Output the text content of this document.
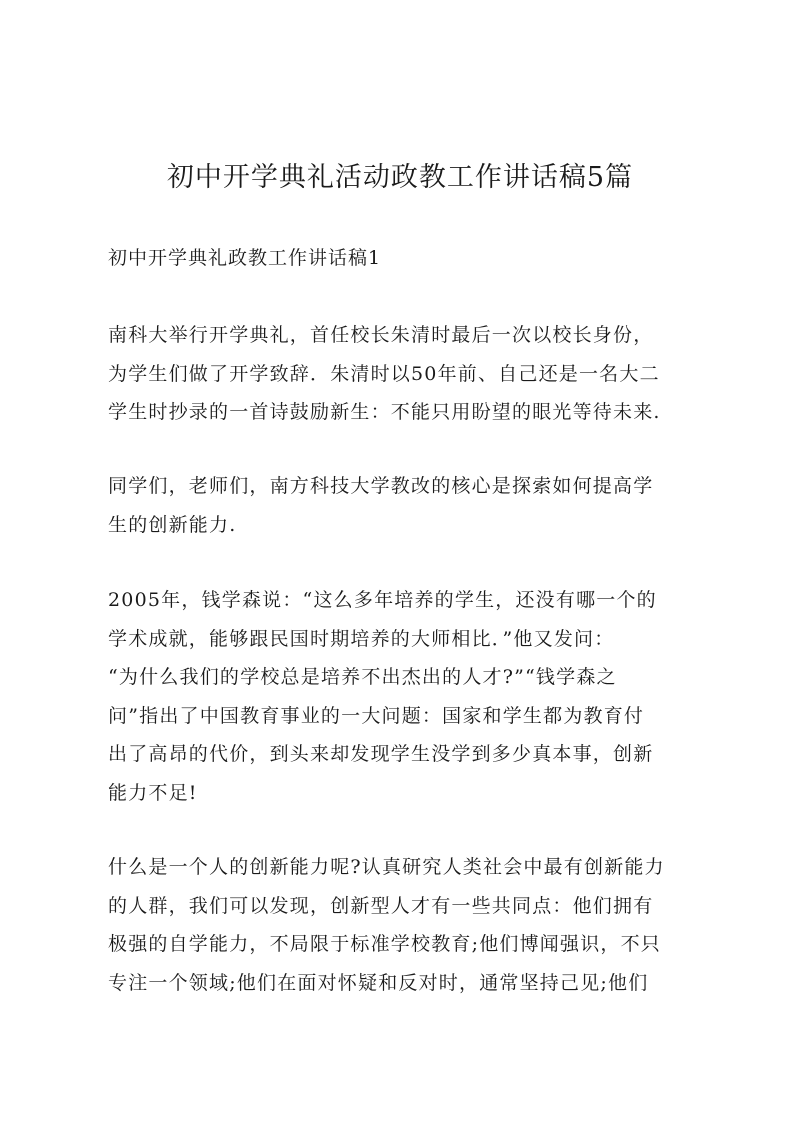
初中开学典礼活动政教工作讲话稿5篇

初中开学典礼政教工作讲话稿1

南科大举行开学典礼，首任校长朱清时最后一次以校长身份，
为学生们做了开学致辞．朱清时以50年前、自己还是一名大二
学生时抄录的一首诗鼓励新生：不能只用盼望的眼光等待未来.

同学们，老师们，南方科技大学教改的核心是探索如何提高学
生的创新能力.

2005年，钱学森说：“这么多年培养的学生，还没有哪一个的
学术成就，能够跟民国时期培养的大师相比．”他又发问：
“为什么我们的学校总是培养不出杰出的人才?”“钱学森之
问”指出了中国教育事业的一大问题：国家和学生都为教育付
出了高昂的代价，到头来却发现学生没学到多少真本事，创新
能力不足!

什么是一个人的创新能力呢?认真研究人类社会中最有创新能力
的人群，我们可以发现，创新型人才有一些共同点：他们拥有
极强的自学能力，不局限于标准学校教育;他们博闻强识，不只
专注一个领域;他们在面对怀疑和反对时，通常坚持己见;他们
